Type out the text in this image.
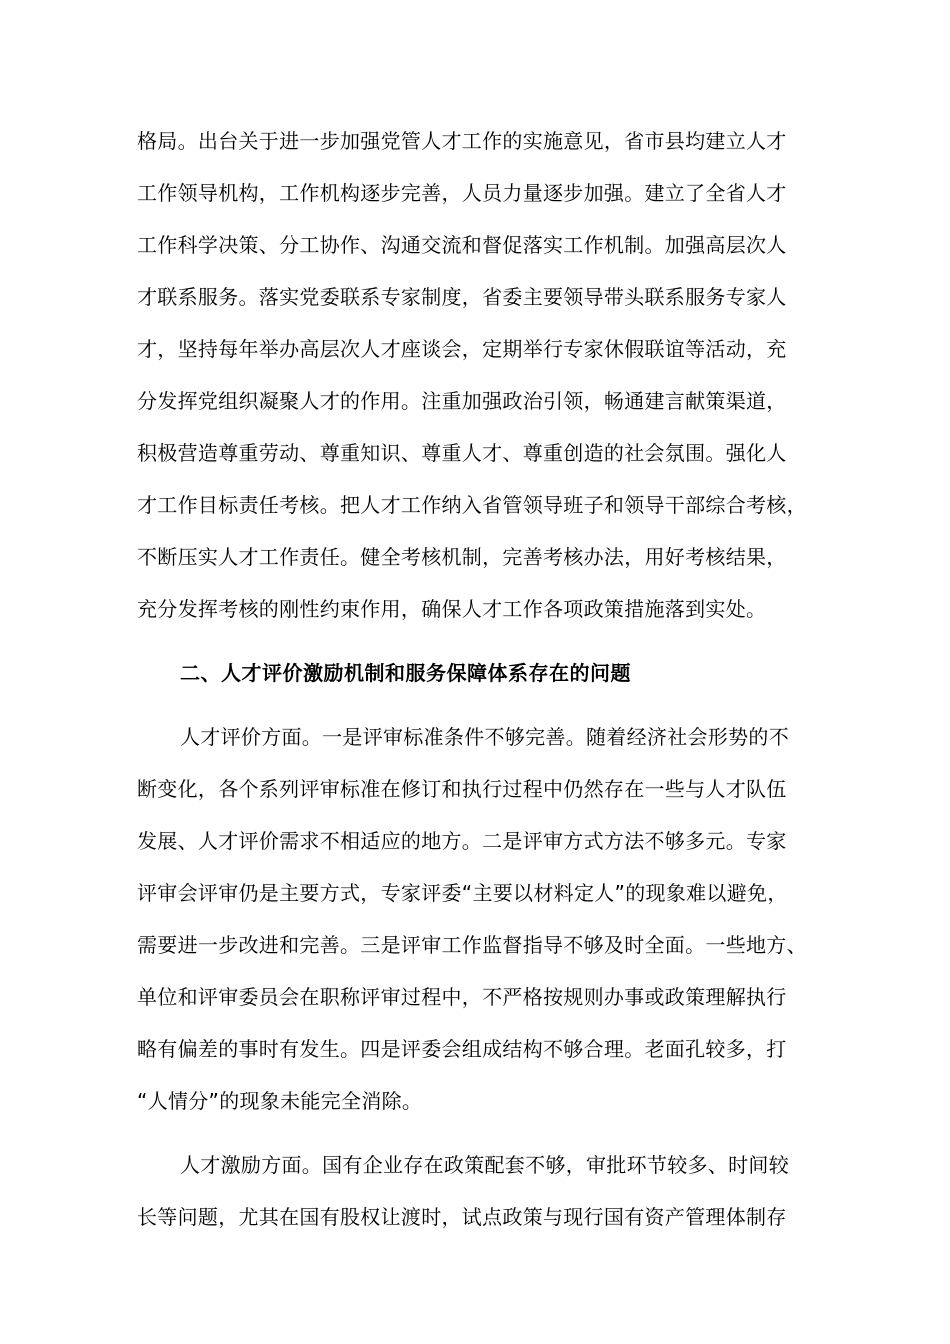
格局。出台关于进一步加强党管人才工作的实施意见，省市县均建立人才
工作领导机构，工作机构逐步完善，人员力量逐步加强。建立了全省人才
工作科学决策、分工协作、沟通交流和督促落实工作机制。加强高层次人
才联系服务。落实党委联系专家制度，省委主要领导带头联系服务专家人
才，坚持每年举办高层次人才座谈会，定期举行专家休假联谊等活动，充
分发挥党组织凝聚人才的作用。注重加强政治引领，畅通建言献策渠道，
积极营造尊重劳动、尊重知识、尊重人才、尊重创造的社会氛围。强化人
才工作目标责任考核。把人才工作纳入省管领导班子和领导干部综合考核，
不断压实人才工作责任。健全考核机制，完善考核办法，用好考核结果，
充分发挥考核的刚性约束作用，确保人才工作各项政策措施落到实处。
二、人才评价激励机制和服务保障体系存在的问题
人才评价方面。一是评审标准条件不够完善。随着经济社会形势的不
断变化，各个系列评审标准在修订和执行过程中仍然存在一些与人才队伍
发展、人才评价需求不相适应的地方。二是评审方式方法不够多元。专家
评审会评审仍是主要方式，专家评委“主要以材料定人”的现象难以避免，
需要进一步改进和完善。三是评审工作监督指导不够及时全面。一些地方、
单位和评审委员会在职称评审过程中，不严格按规则办事或政策理解执行
略有偏差的事时有发生。四是评委会组成结构不够合理。老面孔较多，打
“人情分”的现象未能完全消除。
人才激励方面。国有企业存在政策配套不够，审批环节较多、时间较
长等问题，尤其在国有股权让渡时，试点政策与现行国有资产管理体制存
